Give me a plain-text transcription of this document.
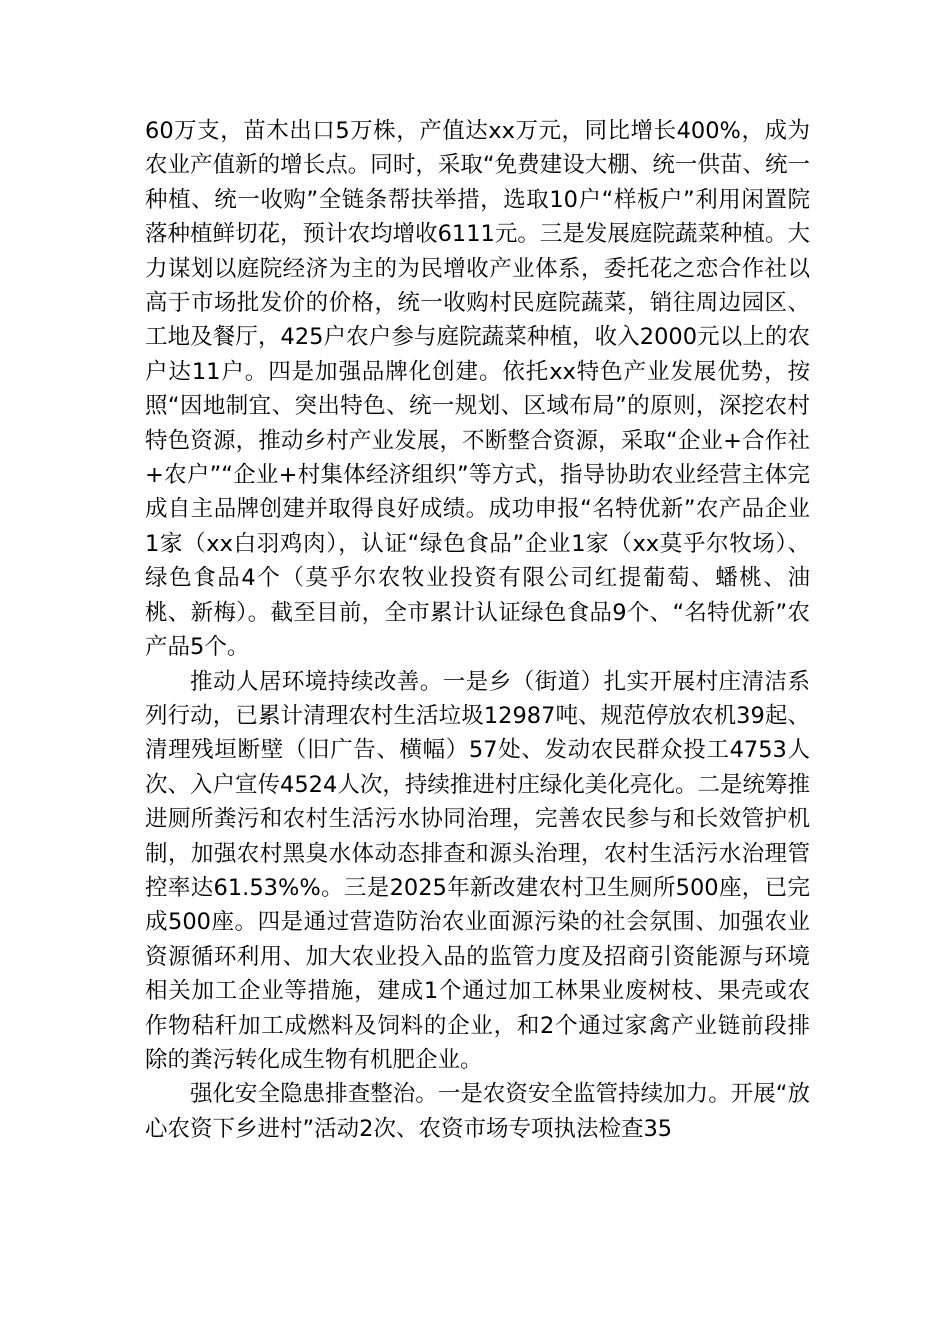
60万支，苗木出口5万株，产值达xx万元，同比增长400%，成为农业产值新的增长点。同时，采取“免费建设大棚、统一供苗、统一种植、统一收购”全链条帮扶举措，选取10户“样板户”利用闲置院落种植鲜切花，预计农均增收6111元。三是发展庭院蔬菜种植。大力谋划以庭院经济为主的为民增收产业体系，委托花之恋合作社以高于市场批发价的价格，统一收购村民庭院蔬菜，销往周边园区、工地及餐厅，425户农户参与庭院蔬菜种植，收入2000元以上的农户达11户。四是加强品牌化创建。依托xx特色产业发展优势，按照“因地制宜、突出特色、统一规划、区域布局”的原则，深挖农村特色资源，推动乡村产业发展，不断整合资源，采取“企业+合作社+农户”“企业+村集体经济组织”等方式，指导协助农业经营主体完成自主品牌创建并取得良好成绩。成功申报“名特优新”农产品企业1家（xx白羽鸡肉），认证“绿色食品”企业1家（xx莫乎尔牧场）、绿色食品4个（莫乎尔农牧业投资有限公司红提葡萄、蟠桃、油桃、新梅）。截至目前，全市累计认证绿色食品9个、“名特优新”农产品5个。

推动人居环境持续改善。一是乡（街道）扎实开展村庄清洁系列行动，已累计清理农村生活垃圾12987吨、规范停放农机39起、清理残垣断壁（旧广告、横幅）57处、发动农民群众投工4753人次、入户宣传4524人次，持续推进村庄绿化美化亮化。二是统筹推进厕所粪污和农村生活污水协同治理，完善农民参与和长效管护机制，加强农村黑臭水体动态排查和源头治理，农村生活污水治理管控率达61.53%%。三是2025年新改建农村卫生厕所500座，已完成500座。四是通过营造防治农业面源污染的社会氛围、加强农业资源循环利用、加大农业投入品的监管力度及招商引资能源与环境相关加工企业等措施，建成1个通过加工林果业废树枝、果壳或农作物秸秆加工成燃料及饲料的企业，和2个通过家禽产业链前段排除的粪污转化成生物有机肥企业。

强化安全隐患排查整治。一是农资安全监管持续加力。开展“放心农资下乡进村”活动2次、农资市场专项执法检查35
